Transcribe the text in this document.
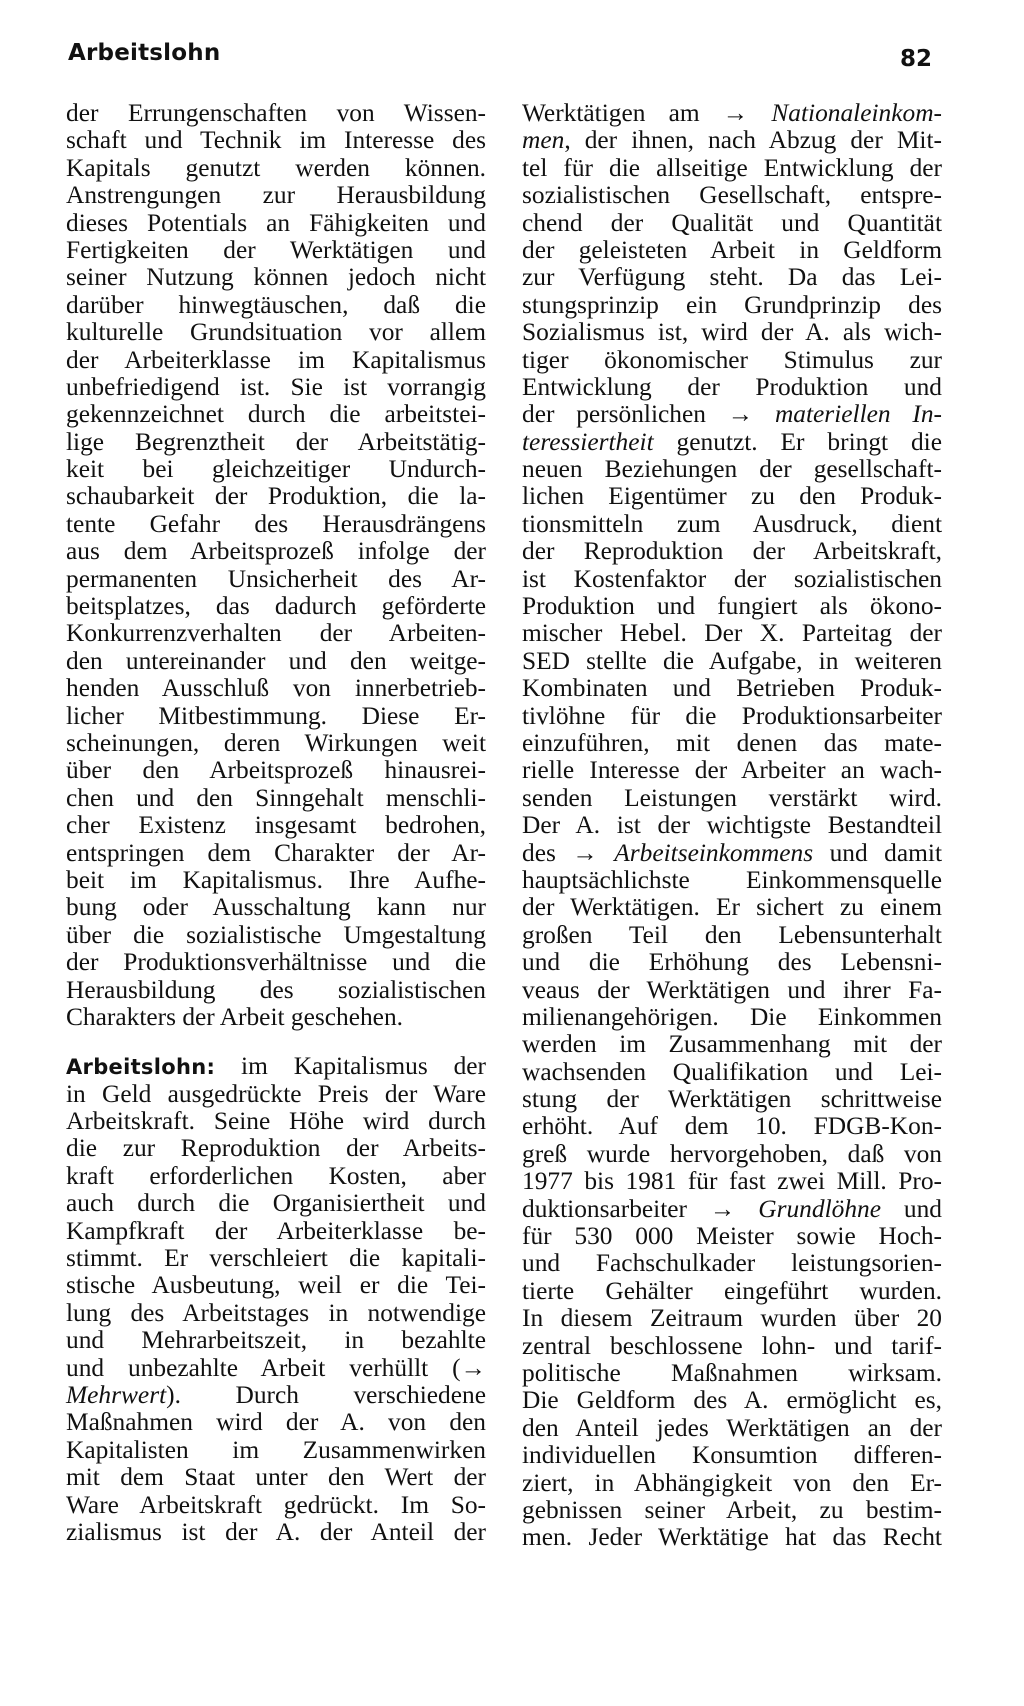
Arbeitslohn	82
der Errungenschaften von Wissen-
schaft und Technik im Interesse des
Kapitals genutzt werden können.
Anstrengungen zur Herausbildung
dieses Potentials an Fähigkeiten und
Fertigkeiten der Werktätigen und
seiner Nutzung können jedoch nicht
darüber hinwegtäuschen, daß die
kulturelle Grundsituation vor allem
der Arbeiterklasse im Kapitalismus
unbefriedigend ist. Sie ist vorrangig
gekennzeichnet durch die arbeitstei-
lige Begrenztheit der Arbeitstätig-
keit bei gleichzeitiger Undurch-
schaubarkeit der Produktion, die la-
tente Gefahr des Herausdrängens
aus dem Arbeitsprozeß infolge der
permanenten Unsicherheit des Ar-
beitsplatzes, das dadurch geförderte
Konkurrenzverhalten der Arbeiten-
den untereinander und den weitge-
henden Ausschluß von innerbetrieb-
licher Mitbestimmung. Diese Er-
scheinungen, deren Wirkungen weit
über den Arbeitsprozeß hinausrei-
chen und den Sinngehalt menschli-
cher Existenz insgesamt bedrohen,
entspringen dem Charakter der Ar-
beit im Kapitalismus. Ihre Aufhe-
bung oder Ausschaltung kann nur
über die sozialistische Umgestaltung
der Produktionsverhältnisse und die
Herausbildung des sozialistischen
Charakters der Arbeit geschehen.
Arbeitslohn: im Kapitalismus der
in Geld ausgedrückte Preis der Ware
Arbeitskraft. Seine Höhe wird durch
die zur Reproduktion der Arbeits-
kraft erforderlichen Kosten, aber
auch durch die Organisiertheit und
Kampfkraft der Arbeiterklasse be-
stimmt. Er verschleiert die kapitali-
stische Ausbeutung, weil er die Tei-
lung des Arbeitstages in notwendige
und Mehrarbeitszeit, in bezahlte
und unbezahlte Arbeit verhüllt (→
Mehrwert). Durch verschiedene
Maßnahmen wird der A. von den
Kapitalisten im Zusammenwirken
mit dem Staat unter den Wert der
Ware Arbeitskraft gedrückt. Im So-
zialismus ist der A. der Anteil der
Werktätigen am → Nationaleinkom-
men, der ihnen, nach Abzug der Mit-
tel für die allseitige Entwicklung der
sozialistischen Gesellschaft, entspre-
chend der Qualität und Quantität
der geleisteten Arbeit in Geldform
zur Verfügung steht. Da das Lei-
stungsprinzip ein Grundprinzip des
Sozialismus ist, wird der A. als wich-
tiger ökonomischer Stimulus zur
Entwicklung der Produktion und
der persönlichen → materiellen In-
teressiertheit genutzt. Er bringt die
neuen Beziehungen der gesellschaft-
lichen Eigentümer zu den Produk-
tionsmitteln zum Ausdruck, dient
der Reproduktion der Arbeitskraft,
ist Kostenfaktor der sozialistischen
Produktion und fungiert als ökono-
mischer Hebel. Der X. Parteitag der
SED stellte die Aufgabe, in weiteren
Kombinaten und Betrieben Produk-
tivlöhne für die Produktionsarbeiter
einzuführen, mit denen das mate-
rielle Interesse der Arbeiter an wach-
senden Leistungen verstärkt wird.
Der A. ist der wichtigste Bestandteil
des → Arbeitseinkommens und damit
hauptsächlichste Einkommensquelle
der Werktätigen. Er sichert zu einem
großen Teil den Lebensunterhalt
und die Erhöhung des Lebensni-
veaus der Werktätigen und ihrer Fa-
milienangehörigen. Die Einkommen
werden im Zusammenhang mit der
wachsenden Qualifikation und Lei-
stung der Werktätigen schrittweise
erhöht. Auf dem 10. FDGB-Kon-
greß wurde hervorgehoben, daß von
1977 bis 1981 für fast zwei Mill. Pro-
duktionsarbeiter → Grundlöhne und
für 530 000 Meister sowie Hoch-
und Fachschulkader leistungsorien-
tierte Gehälter eingeführt wurden.
In diesem Zeitraum wurden über 20
zentral beschlossene lohn- und tarif-
politische Maßnahmen wirksam.
Die Geldform des A. ermöglicht es,
den Anteil jedes Werktätigen an der
individuellen Konsumtion differen-
ziert, in Abhängigkeit von den Er-
gebnissen seiner Arbeit, zu bestim-
men. Jeder Werktätige hat das Recht
